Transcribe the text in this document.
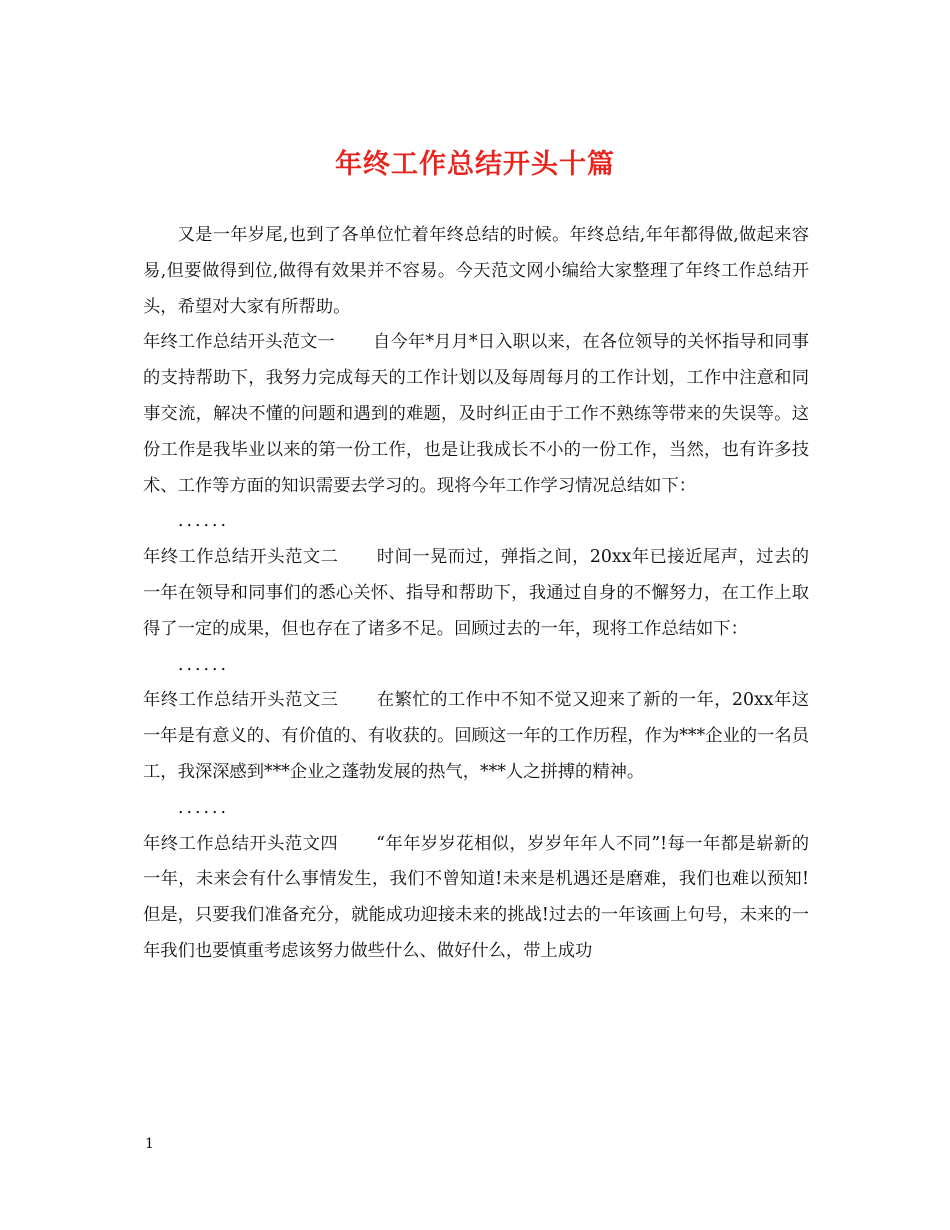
年终工作总结开头十篇

又是一年岁尾,也到了各单位忙着年终总结的时候。年终总结,年年都得做,做起来容易,但要做得到位,做得有效果并不容易。今天范文网小编给大家整理了年终工作总结开头，希望对大家有所帮助。

年终工作总结开头范文一 自今年*月月*日入职以来，在各位领导的关怀指导和同事的支持帮助下，我努力完成每天的工作计划以及每周每月的工作计划，工作中注意和同事交流，解决不懂的问题和遇到的难题，及时纠正由于工作不熟练等带来的失误等。这份工作是我毕业以来的第一份工作，也是让我成长不小的一份工作，当然，也有许多技术、工作等方面的知识需要去学习的。现将今年工作学习情况总结如下：

......

年终工作总结开头范文二 时间一晃而过，弹指之间，20xx年已接近尾声，过去的一年在领导和同事们的悉心关怀、指导和帮助下，我通过自身的不懈努力，在工作上取得了一定的成果，但也存在了诸多不足。回顾过去的一年，现将工作总结如下：

......

年终工作总结开头范文三 在繁忙的工作中不知不觉又迎来了新的一年，20xx年这一年是有意义的、有价值的、有收获的。回顾这一年的工作历程，作为***企业的一名员工，我深深感到***企业之蓬勃发展的热气，***人之拼搏的精神。

......

年终工作总结开头范文四 “年年岁岁花相似，岁岁年年人不同”!每一年都是崭新的一年，未来会有什么事情发生，我们不曾知道!未来是机遇还是磨难，我们也难以预知!但是，只要我们准备充分，就能成功迎接未来的挑战!过去的一年该画上句号，未来的一年我们也要慎重考虑该努力做些什么、做好什么，带上成功

1
